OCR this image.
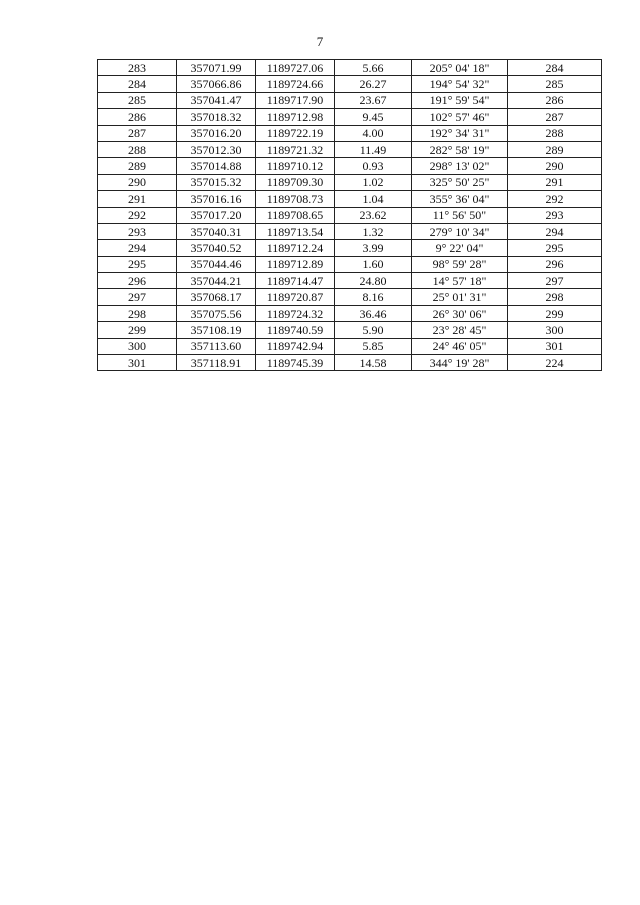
7
283	357071.99	1189727.06	5.66	205° 04' 18"	284
284	357066.86	1189724.66	26.27	194° 54' 32"	285
285	357041.47	1189717.90	23.67	191° 59' 54"	286
286	357018.32	1189712.98	9.45	102° 57' 46"	287
287	357016.20	1189722.19	4.00	192° 34' 31"	288
288	357012.30	1189721.32	11.49	282° 58' 19"	289
289	357014.88	1189710.12	0.93	298° 13' 02"	290
290	357015.32	1189709.30	1.02	325° 50' 25"	291
291	357016.16	1189708.73	1.04	355° 36' 04"	292
292	357017.20	1189708.65	23.62	11° 56' 50"	293
293	357040.31	1189713.54	1.32	279° 10' 34"	294
294	357040.52	1189712.24	3.99	9° 22' 04"	295
295	357044.46	1189712.89	1.60	98° 59' 28"	296
296	357044.21	1189714.47	24.80	14° 57' 18"	297
297	357068.17	1189720.87	8.16	25° 01' 31"	298
298	357075.56	1189724.32	36.46	26° 30' 06"	299
299	357108.19	1189740.59	5.90	23° 28' 45"	300
300	357113.60	1189742.94	5.85	24° 46' 05"	301
301	357118.91	1189745.39	14.58	344° 19' 28"	224
